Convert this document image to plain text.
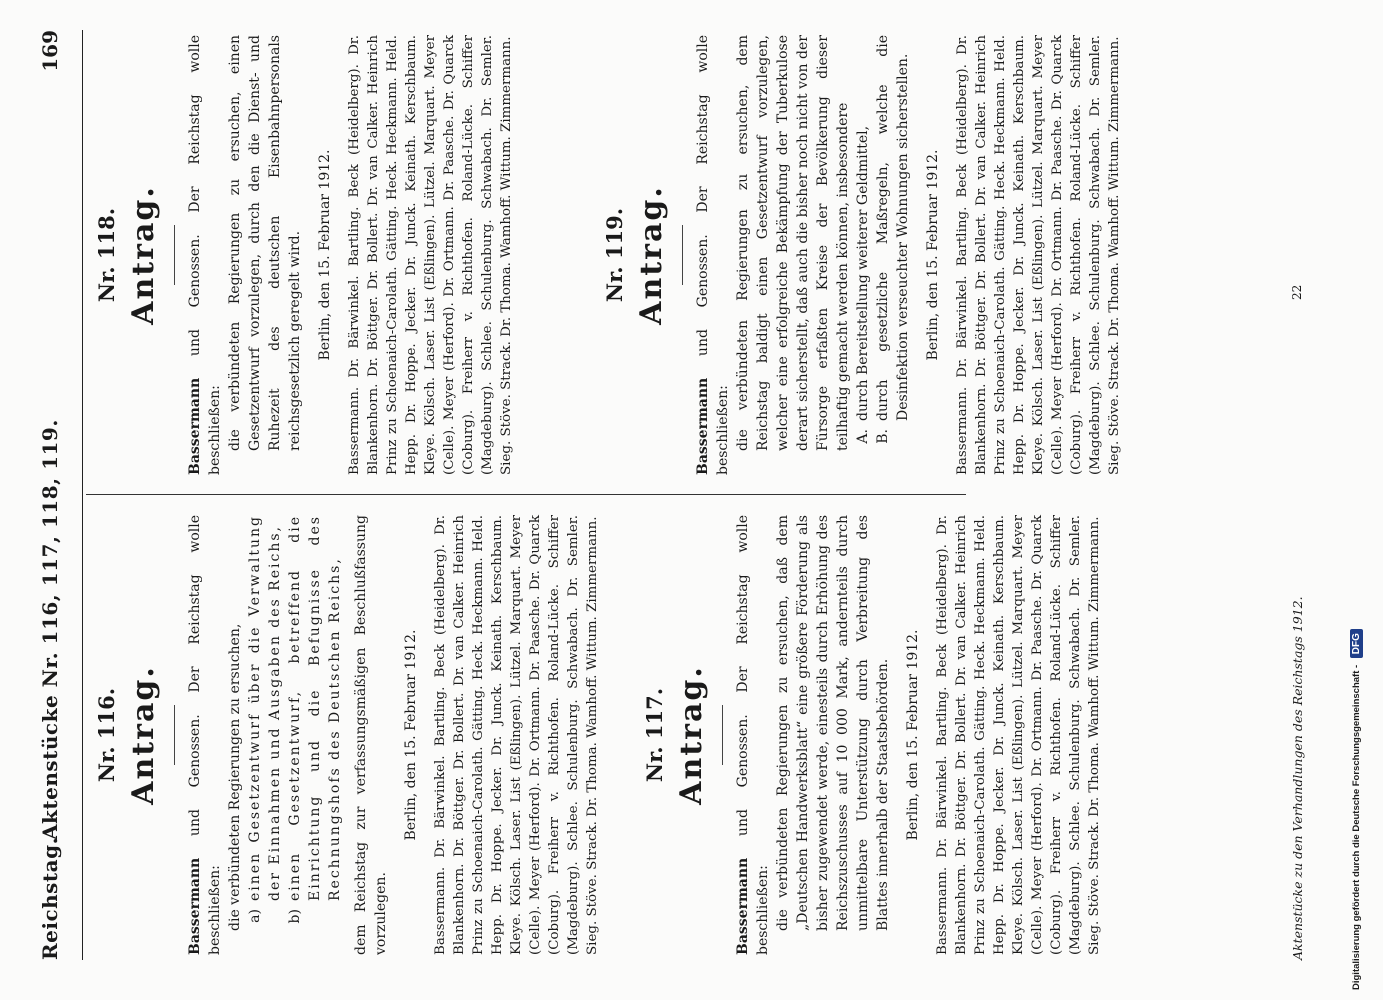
Reichstag.
Aktenstücke Nr. 116, 117, 118, 119.
169

Nr. 116. Antrag.

Bassermann und Genossen. Der Reichstag wolle beschließen: die verbündeten Regierungen zu ersuchen, a)
einen Gesetzentwurf über die Verwaltung der Einnahmen und Ausgaben des Reichs,
b)
einen Gesetzentwurf, betreffend die Einrichtung und die Befugnisse des Rechnungshofs des Deutschen Reichs, dem Reichstag zur verfassungsmäßigen Beschlußfassung vorzulegen.

Berlin, den 15. Februar 1912. Bassermann. Dr. Bärwinkel. Bartling. Beck (Heidelberg). Dr. Blankenhorn. Dr. Böttger. Dr. Bollert. Dr. van Calker. Heinrich Prinz zu Schoenaich-Carolath. Gätting. Heck. Heckmann. Held. Hepp. Dr. Hoppe. Jecker. Dr. Junck. Keinath. Kerschbaum. Kleye. Kölsch. Laser. List (Eßlingen). Lützel. Marquart. Meyer (Celle). Meyer (Herford). Dr. Ortmann. Dr. Paasche. Dr. Quarck (Coburg). Freiherr v. Richthofen. Roland-Lücke. Schiffer (Magdeburg). Schlee. Schulenburg. Schwabach. Dr. Semler. Sieg. Stöve. Strack. Dr. Thoma. Wamhoff. Wittum. Zimmermann. Nr. 117. Antrag.

Bassermann und Genossen. Der Reichstag wolle beschließen: die verbündeten Regierungen zu ersuchen, daß dem „Deutschen Handwerksblatt“ eine größere Förderung als bisher zugewendet werde, einesteils durch Erhöhung des Reichszuschusses auf 10 000 Mark, andernteils durch unmittelbare Unterstützung durch Verbreitung des Blattes innerhalb der Staatsbehörden. Berlin, den 15. Februar 1912. Bassermann. Dr. Bärwinkel. Bartling. Beck (Heidelberg). Dr. Blankenhorn. Dr. Böttger. Dr. Bollert. Dr. van Calker. Heinrich Prinz zu Schoenaich-Carolath. Gätting. Heck. Heckmann. Held. Hepp. Dr. Hoppe. Jecker. Dr. Junck. Keinath. Kerschbaum. Kleye. Kölsch. Laser. List (Eßlingen). Lützel. Marquart. Meyer (Celle). Meyer (Herford). Dr. Ortmann. Dr. Paasche. Dr. Quarck (Coburg). Freiherr v. Richthofen. Roland-Lücke. Schiffer (Magdeburg). Schlee. Schulenburg. Schwabach. Dr. Semler. Sieg. Stöve. Strack. Dr. Thoma. Wamhoff. Wittum. Zimmermann.

Nr. 118. Antrag.

Bassermann und Genossen. Der Reichstag wolle beschließen: die verbündeten Regierungen zu ersuchen, einen Gesetzentwurf vorzulegen, durch den die Dienst- und Ruhezeit des deutschen Eisenbahnpersonals reichsgesetzlich geregelt wird. Berlin, den 15. Februar 1912. Bassermann. Dr. Bärwinkel. Bartling. Beck (Heidelberg). Dr. Blankenhorn. Dr. Böttger. Dr. Bollert. Dr. van Calker. Heinrich Prinz zu Schoenaich-Carolath. Gätting. Heck. Heckmann. Held. Hepp. Dr. Hoppe. Jecker. Dr. Junck. Keinath. Kerschbaum. Kleye. Kölsch. Laser. List (Eßlingen). Lützel. Marquart. Meyer (Celle). Meyer (Herford). Dr. Ortmann. Dr. Paasche. Dr. Quarck (Coburg). Freiherr v. Richthofen. Roland-Lücke. Schiffer (Magdeburg). Schlee. Schulenburg. Schwabach. Dr. Semler. Sieg. Stöve. Strack. Dr. Thoma. Wamhoff. Wittum. Zimmermann.	Nr. 119. Antrag.

Bassermann und Genossen. Der Reichstag wolle beschließen: die verbündeten Regierungen zu ersuchen, dem Reichstag baldigt einen Gesetzentwurf vorzulegen, welcher eine erfolgreiche Bekämpfung der Tuberkulose derart sicherstellt, daß auch die bisher noch nicht von der Fürsorge erfaßten Kreise der Bevölkerung dieser teilhaftig gemacht werden können, insbesondere A.
durch Bereitstellung weiterer Geldmittel,
B.
durch gesetzliche Maßregeln, welche die Desinfektion verseuchter Wohnungen sicherstellen. Berlin, den 15. Februar 1912. Bassermann. Dr. Bärwinkel. Bartling. Beck (Heidelberg). Dr. Blankenhorn. Dr. Böttger. Dr. Bollert. Dr. van Calker. Heinrich Prinz zu Schoenaich-Carolath. Gätting. Heck. Heckmann. Held. Hepp. Dr. Hoppe. Jecker. Dr. Junck. Keinath. Kerschbaum. Kleye. Kölsch. Laser. List (Eßlingen). Lützel. Marquart. Meyer (Celle). Meyer (Herford). Dr. Ortmann. Dr. Paasche. Dr. Quarck (Coburg). Freiherr v. Richthofen. Roland-Lücke. Schiffer (Magdeburg). Schlee. Schulenburg. Schwabach. Dr. Semler. Sieg. Stöve. Strack. Dr. Thoma. Wamhoff. Wittum. Zimmermann.

Aktenstücke zu den Verhandlungen des Reichstags 1912.
22
Digitalisierung gefördert durch die Deutsche Forschungsgemeinschaft - DFG
